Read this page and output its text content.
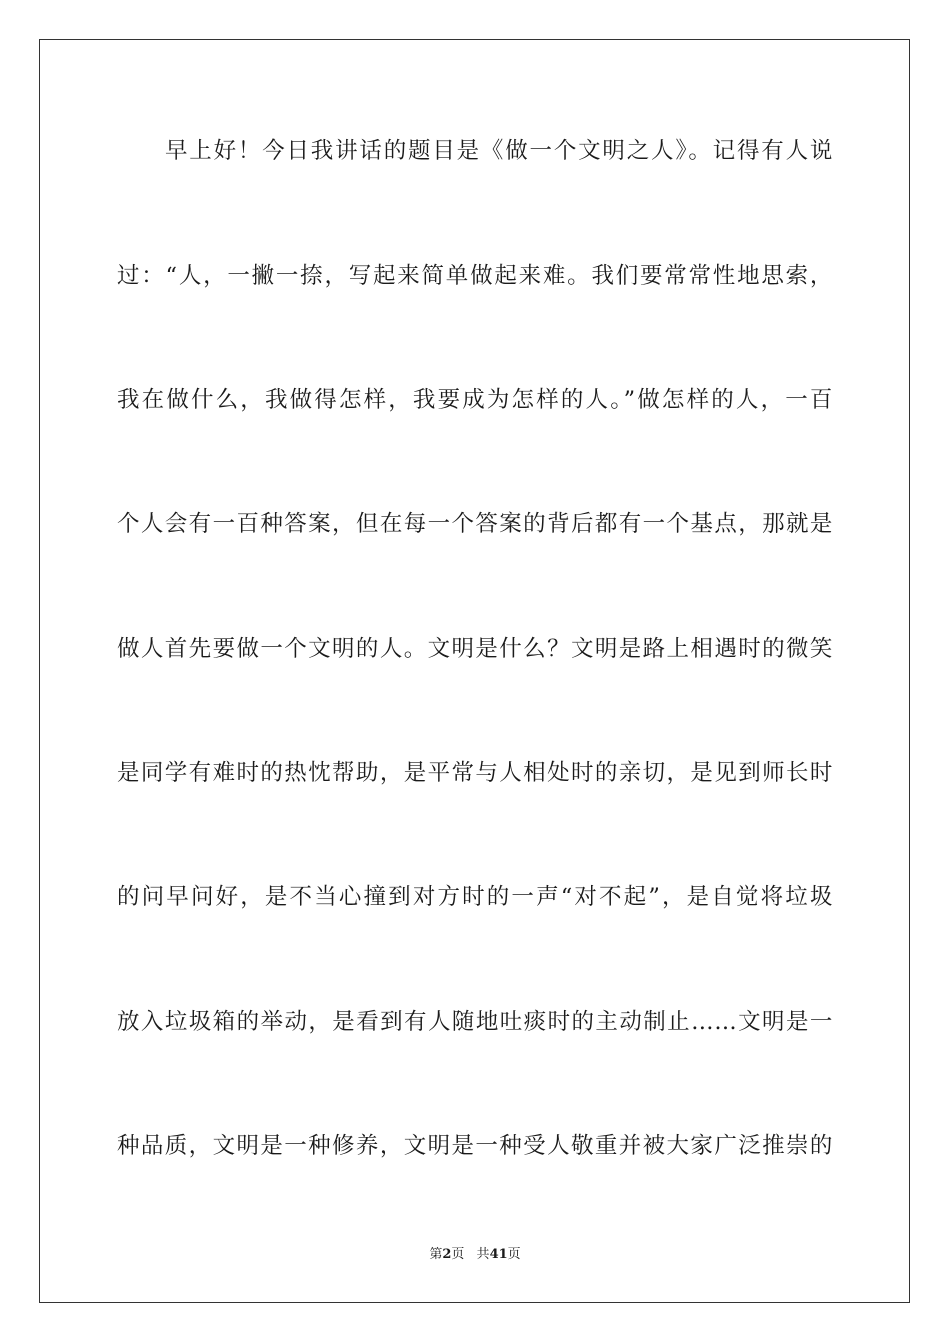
早上好！今日我讲话的题目是《做一个文明之人》。记得有人说
过：“人，一撇一捺，写起来简单做起来难。我们要常常性地思索，
我在做什么，我做得怎样，我要成为怎样的人。”做怎样的人，一百
个人会有一百种答案，但在每一个答案的背后都有一个基点，那就是
做人首先要做一个文明的人。文明是什么？文明是路上相遇时的微笑
是同学有难时的热忱帮助，是平常与人相处时的亲切，是见到师长时
的问早问好，是不当心撞到对方时的一声“对不起”，是自觉将垃圾
放入垃圾箱的举动，是看到有人随地吐痰时的主动制止……文明是一
种品质，文明是一种修养，文明是一种受人敬重并被大家广泛推崇的
第2页 共41页
